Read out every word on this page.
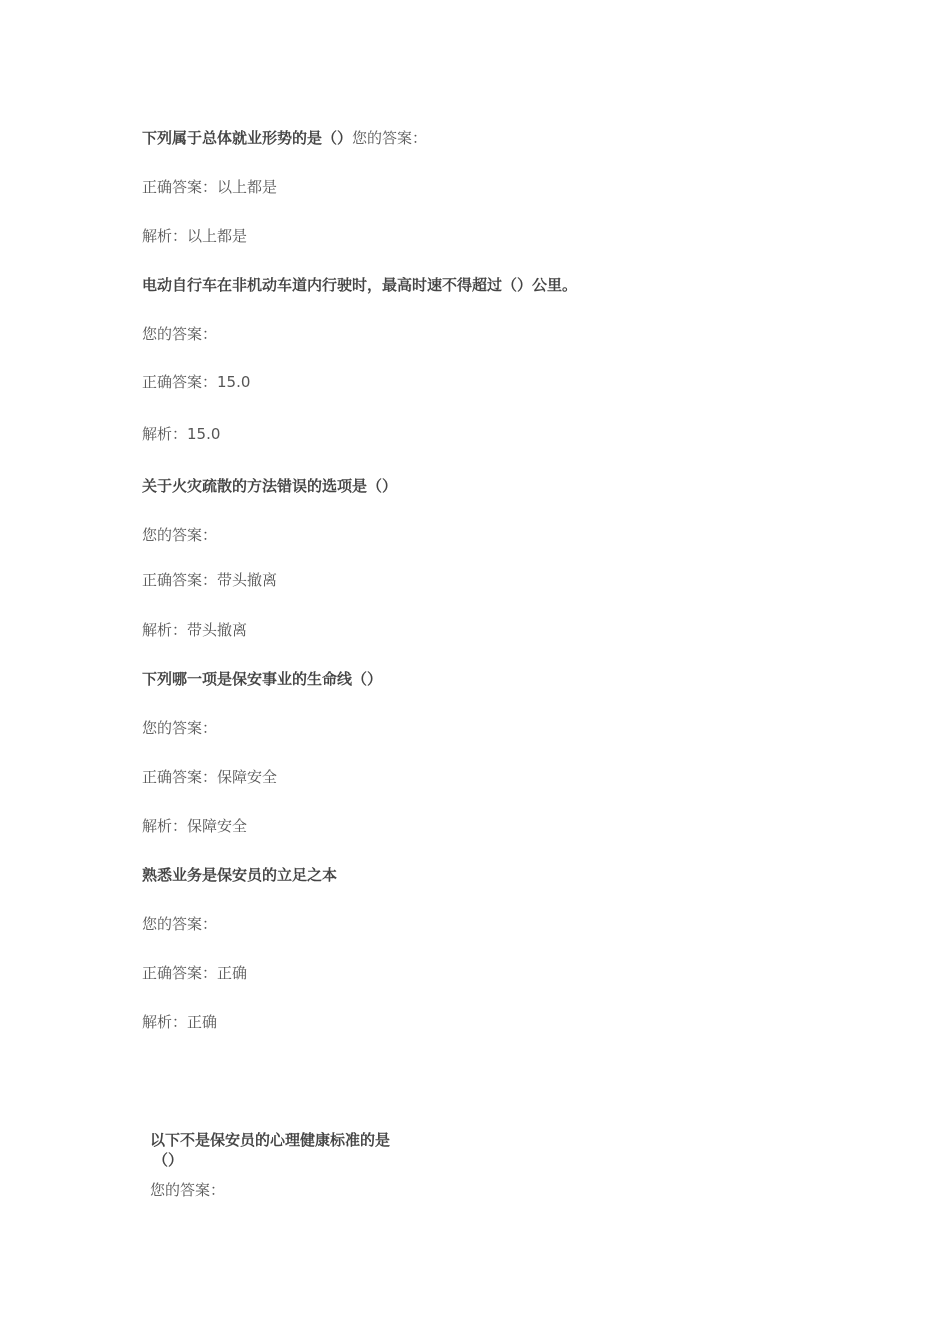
下列属于总体就业形势的是（）您的答案：

正确答案：以上都是

解析：以上都是

电动自行车在非机动车道内行驶时，最高时速不得超过（）公里。

您的答案：

正确答案：15.0

解析：15.0

关于火灾疏散的方法错误的选项是（）

您的答案：

正确答案：带头撤离

解析：带头撤离

下列哪一项是保安事业的生命线（）

您的答案：

正确答案：保障安全

解析：保障安全

熟悉业务是保安员的立足之本

您的答案：

正确答案：正确

解析：正确

以下不是保安员的心理健康标准的是

（）

您的答案：
